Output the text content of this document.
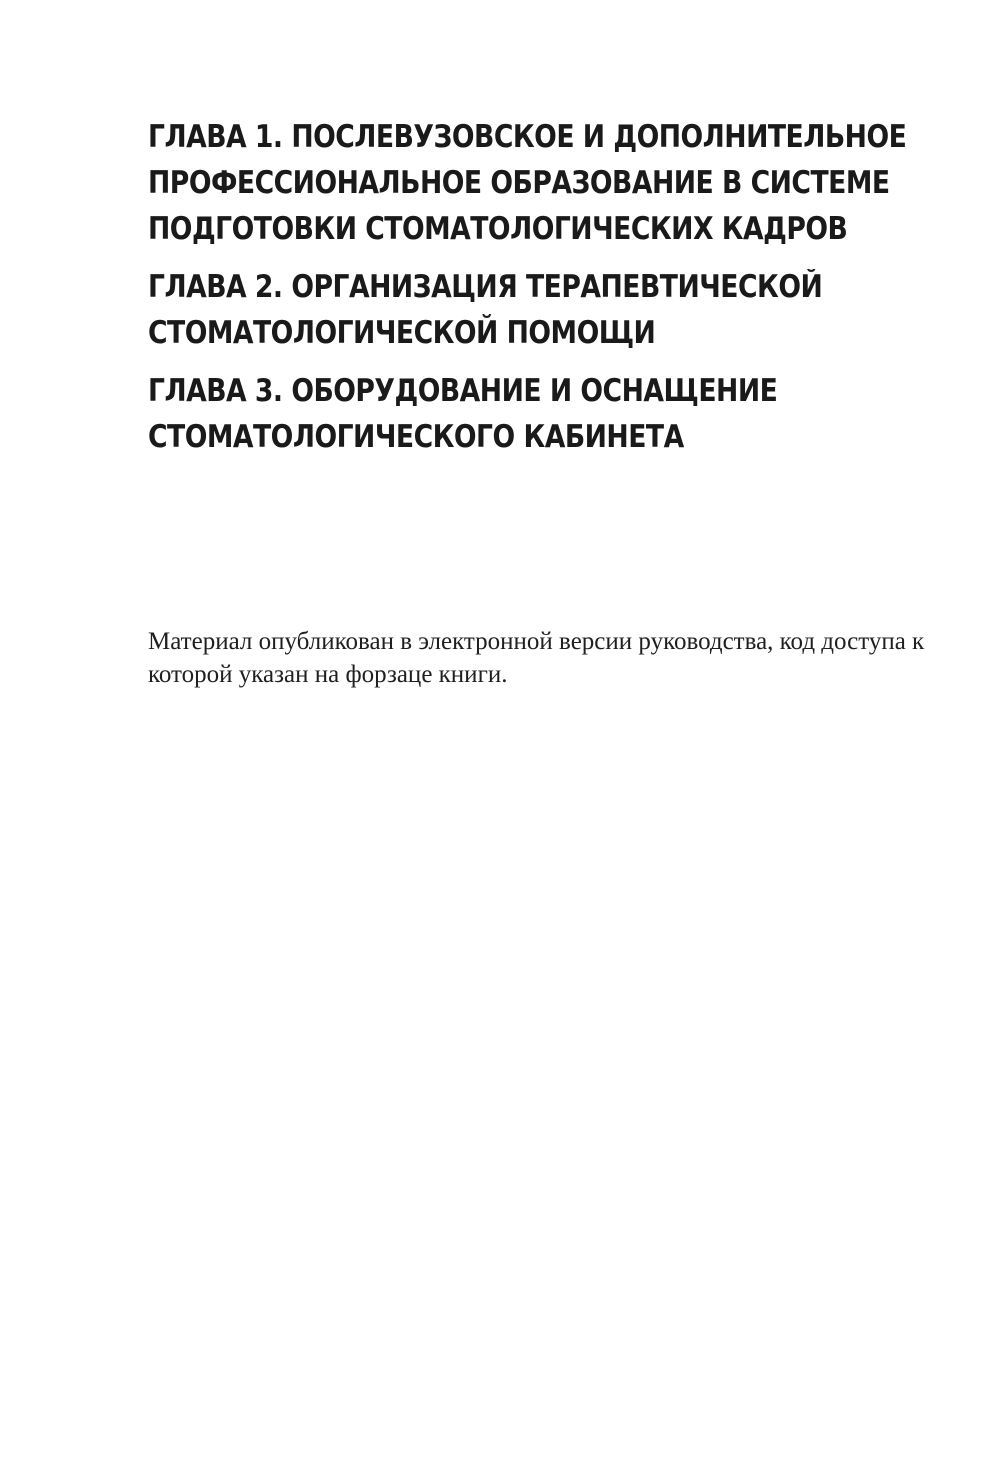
ГЛАВА 1. ПОСЛЕВУЗОВСКОЕ И ДОПОЛНИТЕЛЬНОЕ ПРОФЕССИОНАЛЬНОЕ ОБРАЗОВАНИЕ В СИСТЕМЕ ПОДГОТОВКИ СТОМАТОЛОГИЧЕСКИХ КАДРОВ
ГЛАВА 2. ОРГАНИЗАЦИЯ ТЕРАПЕВТИЧЕСКОЙ СТОМАТОЛОГИЧЕСКОЙ ПОМОЩИ
ГЛАВА 3. ОБОРУДОВАНИЕ И ОСНАЩЕНИЕ СТОМАТОЛОГИЧЕСКОГО КАБИНЕТА

Материал опубликован в электронной версии руководства, код доступа к которой указан на форзаце книги.
